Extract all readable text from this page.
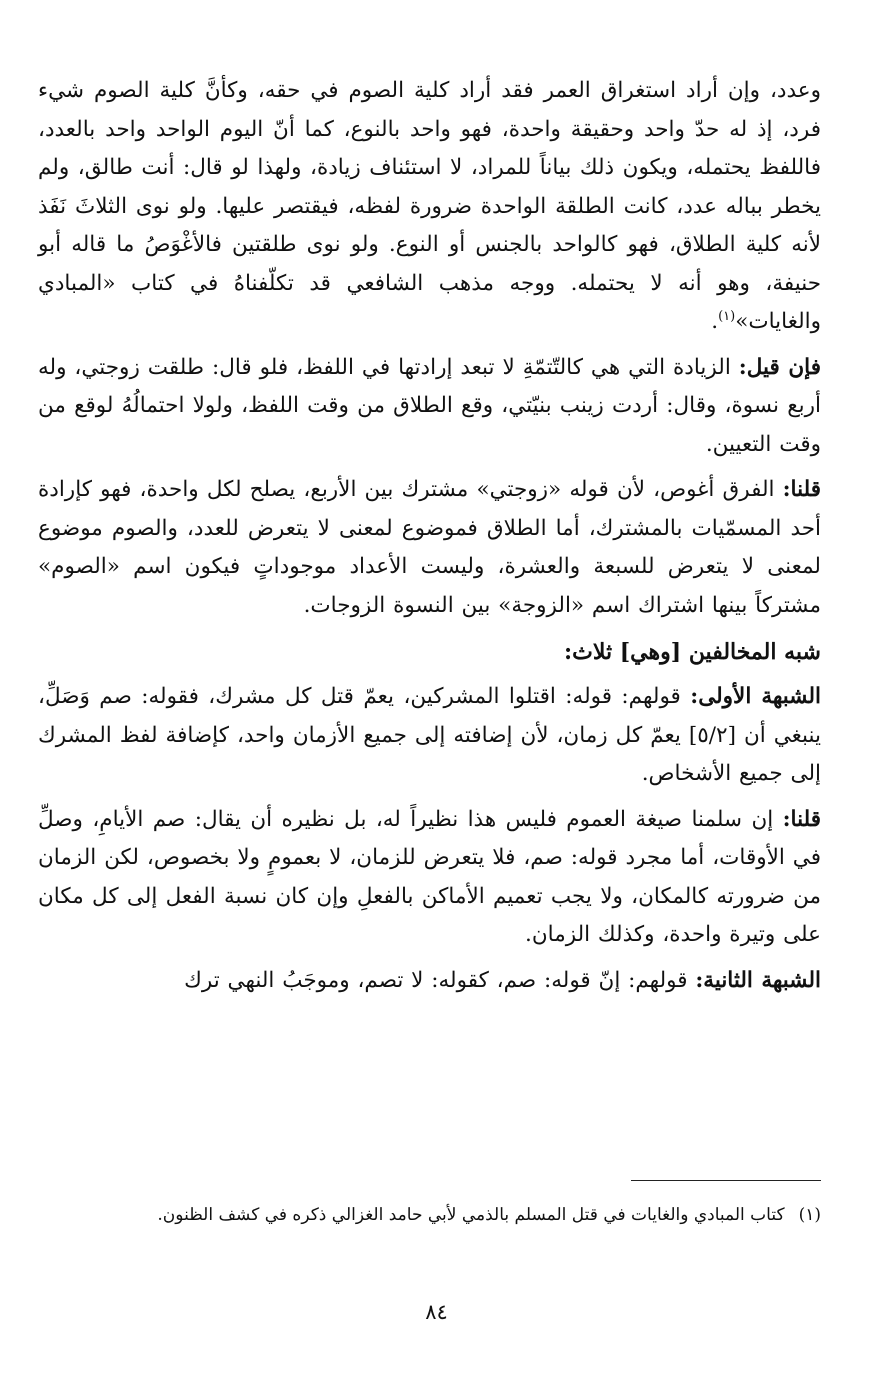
وعدد، وإن أراد استغراق العمر فقد أراد كلية الصوم في حقه، وكأنَّ كلية الصوم شيء فرد، إذ له حدّ واحد وحقيقة واحدة، فهو واحد بالنوع، كما أنّ اليوم الواحد واحد بالعدد، فاللفظ يحتمله، ويكون ذلك بياناً للمراد، لا استئناف زيادة، ولهذا لو قال: أنت طالق، ولم يخطر بباله عدد، كانت الطلقة الواحدة ضرورة لفظه، فيقتصر عليها. ولو نوى الثلاثَ نَفَذ لأنه كلية الطلاق، فهو كالواحد بالجنس أو النوع. ولو نوى طلقتين فالأغْوَصُ ما قاله أبو حنيفة، وهو أنه لا يحتمله. ووجه مذهب الشافعي قد تكلّفناهُ في كتاب «المبادي والغايات»$^{(١)}$.

فإن قيل: الزيادة التي هي كالتّتمّةِ لا تبعد إرادتها في اللفظ، فلو قال: طلقت زوجتي، وله أربع نسوة، وقال: أردت زينب بنيّتي، وقع الطلاق من وقت اللفظ، ولولا احتمالُهُ لوقع من وقت التعيين.

قلنا: الفرق أغوص، لأن قوله «زوجتي» مشترك بين الأربع، يصلح لكل واحدة، فهو كإرادة أحد المسمّيات بالمشترك، أما الطلاق فموضوع لمعنى لا يتعرض للعدد، والصوم موضوع لمعنى لا يتعرض للسبعة والعشرة، وليست الأعداد موجوداتٍ فيكون اسم «الصوم» مشتركاً بينها اشتراك اسم «الزوجة» بين النسوة الزوجات.

شبه المخالفين [وهي] ثلاث:

الشبهة الأولى: قولهم: قوله: اقتلوا المشركين، يعمّ قتل كل مشرك، فقوله: صم وَصَلِّ، ينبغي أن [٥/٢] يعمّ كل زمان، لأن إضافته إلى جميع الأزمان واحد، كإضافة لفظ المشرك إلى جميع الأشخاص.

قلنا: إن سلمنا صيغة العموم فليس هذا نظيراً له، بل نظيره أن يقال: صم الأيامِ، وصلِّ في الأوقات، أما مجرد قوله: صم، فلا يتعرض للزمان، لا بعمومٍ ولا بخصوص، لكن الزمان من ضرورته كالمكان، ولا يجب تعميم الأماكن بالفعلِ وإن كان نسبة الفعل إلى كل مكان على وتيرة واحدة، وكذلك الزمان.

الشبهة الثانية: قولهم: إنّ قوله: صم، كقوله: لا تصم، وموجَبُ النهي ترك

(١)كتاب المبادي والغايات في قتل المسلم بالذمي لأبي حامد الغزالي ذكره في كشف الظنون.
٨٤
